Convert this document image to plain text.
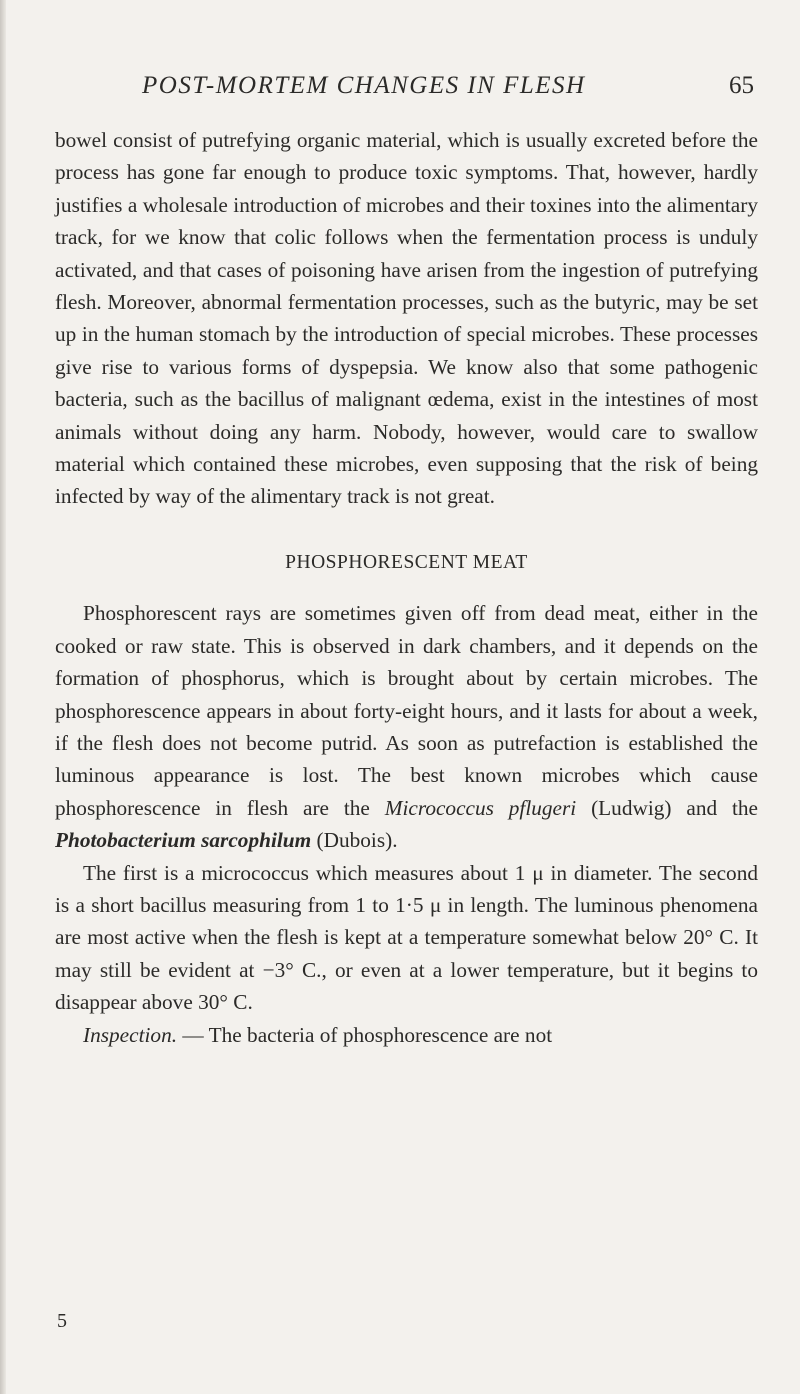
POST-MORTEM CHANGES IN FLESH	65

bowel consist of putrefying organic material, which is usually excreted before the process has gone far enough to produce toxic symptoms. That, however, hardly justifies a wholesale introduction of microbes and their toxines into the alimentary track, for we know that colic follows when the fermentation process is unduly activated, and that cases of poisoning have arisen from the ingestion of putrefying flesh. Moreover, abnormal fermentation processes, such as the butyric, may be set up in the human stomach by the introduction of special microbes. These processes give rise to various forms of dyspepsia. We know also that some pathogenic bacteria, such as the bacillus of malignant œdema, exist in the intestines of most animals without doing any harm. Nobody, however, would care to swallow material which contained these microbes, even supposing that the risk of being infected by way of the alimentary track is not great.

PHOSPHORESCENT MEAT

Phosphorescent rays are sometimes given off from dead meat, either in the cooked or raw state. This is observed in dark chambers, and it depends on the formation of phosphorus, which is brought about by certain microbes. The phosphorescence appears in about forty-eight hours, and it lasts for about a week, if the flesh does not become putrid. As soon as putrefaction is established the luminous appearance is lost. The best known microbes which cause phosphorescence in flesh are the Micrococcus pflugeri (Ludwig) and the Photobacterium sarcophilum (Dubois).

The first is a micrococcus which measures about 1 μ in diameter. The second is a short bacillus measuring from 1 to 1·5 μ in length. The luminous phenomena are most active when the flesh is kept at a temperature somewhat below 20° C. It may still be evident at −3° C., or even at a lower temperature, but it begins to disappear above 30° C.

Inspection. — The bacteria of phosphorescence are not

5
